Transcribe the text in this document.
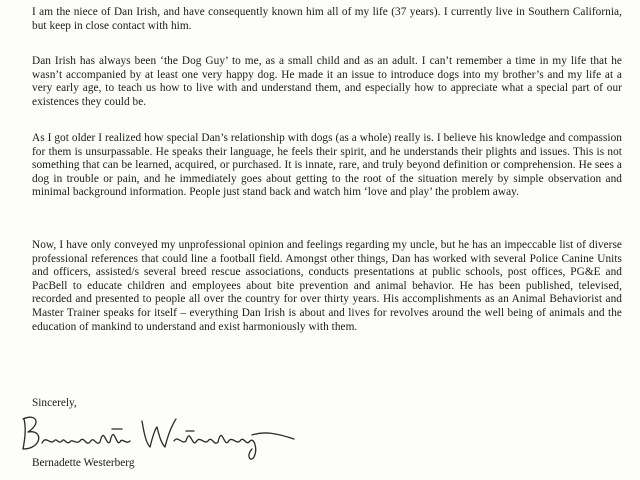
I am the niece of Dan Irish, and have consequently known him all of my life (37 years). I currently live in Southern California, but keep in close contact with him.

Dan Irish has always been ‘the Dog Guy’ to me, as a small child and as an adult. I can’t remember a time in my life that he wasn’t accompanied by at least one very happy dog. He made it an issue to introduce dogs into my brother’s and my life at a very early age, to teach us how to live with and understand them, and especially how to appreciate what a special part of our existences they could be.

As I got older I realized how special Dan’s relationship with dogs (as a whole) really is. I believe his knowledge and compassion for them is unsurpassable. He speaks their language, he feels their spirit, and he understands their plights and issues. This is not something that can be learned, acquired, or purchased. It is innate, rare, and truly beyond definition or comprehension. He sees a dog in trouble or pain, and he immediately goes about getting to the root of the situation merely by simple observation and minimal background information. People just stand back and watch him ‘love and play’ the problem away.

Now, I have only conveyed my unprofessional opinion and feelings regarding my uncle, but he has an impeccable list of diverse professional references that could line a football field. Amongst other things, Dan has worked with several Police Canine Units and officers, assisted/s several breed rescue associations, conducts presentations at public schools, post offices, PG&E and PacBell to educate children and employees about bite prevention and animal behavior. He has been published, televised, recorded and presented to people all over the country for over thirty years. His accomplishments as an Animal Behaviorist and Master Trainer speaks for itself – everything Dan Irish is about and lives for revolves around the well being of animals and the education of mankind to understand and exist harmoniously with them.

Sincerely,

Bernadette Westerberg

Bernadette Westerberg
